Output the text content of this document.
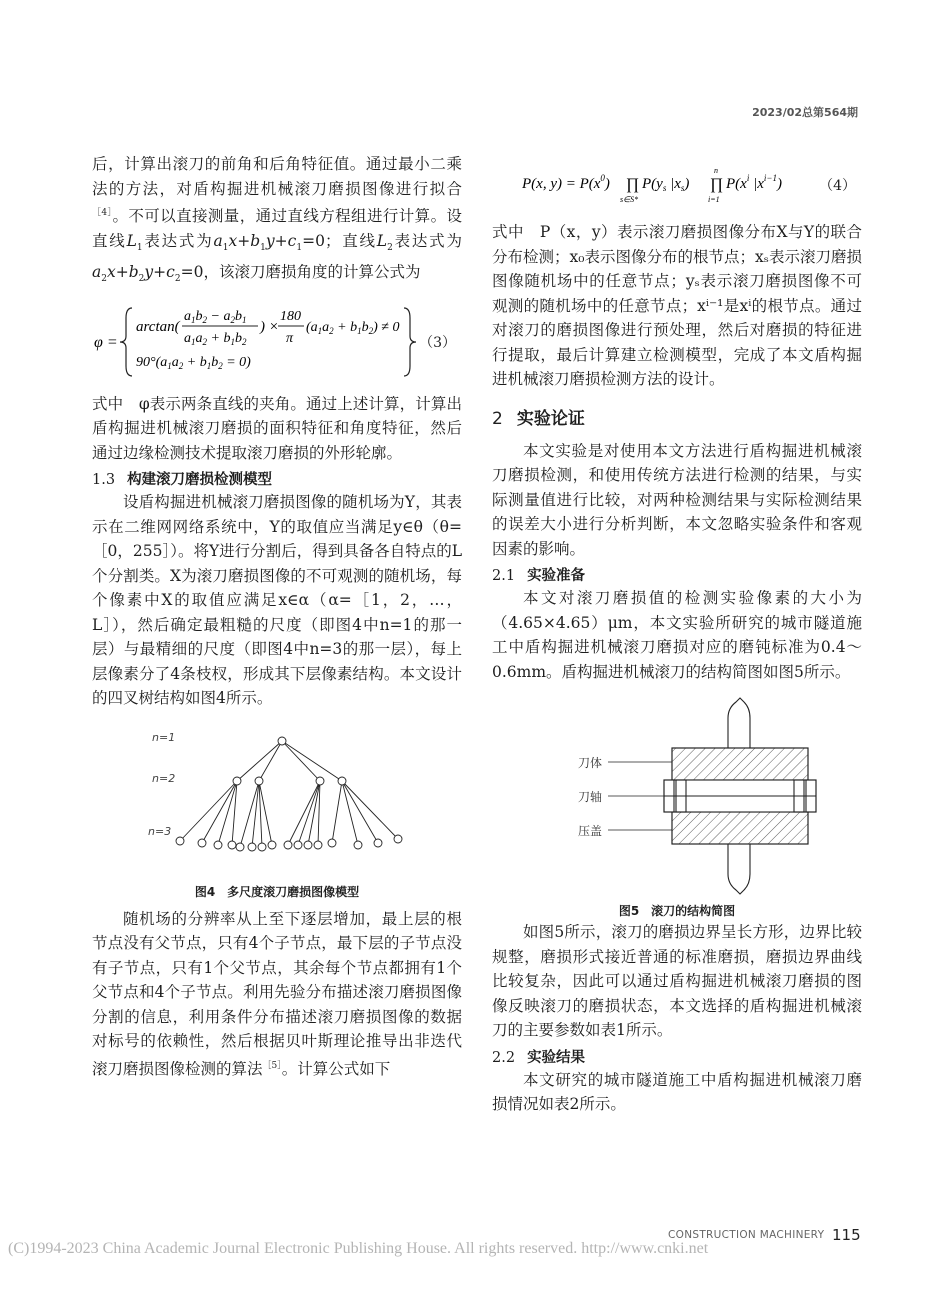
2023/02总第564期

后，计算出滚刀的前角和后角特征值。通过最小二乘法的方法，对盾构掘进机械滚刀磨损图像进行拟合$^{[4]}$。不可以直接测量，通过直线方程组进行计算。设直线$L_1$表达式为$a_1x+b_1y+c_1=0$；直线$L_2$表达式为$a_2x+b_2y+c_2=0$，该滚刀磨损角度的计算公式为

φ =
arctan(
$a_1b_2 - a_2b_1$
$a_1a_2 + b_1b_2$
) ×
180
π
$(a_1a_2 + b_1b_2) \ne 0$
$90^\circ(a_1a_2 + b_1b_2 = 0)$
（3）

式中　φ表示两条直线的夹角。通过上述计算，计算出盾构掘进机械滚刀磨损的面积特征和角度特征，然后通过边缘检测技术提取滚刀磨损的外形轮廓。

1.3 构建滚刀磨损检测模型

设盾构掘进机械滚刀磨损图像的随机场为Y，其表示在二维网网络系统中，Y的取值应当满足y∈θ（θ=［0，255］）。将Y进行分割后，得到具备各自特点的L个分割类。X为滚刀磨损图像的不可观测的随机场，每个像素中X的取值应满足x∈α（α=［1，2，…，L］），然后确定最粗糙的尺度（即图4中n=1的那一层）与最精细的尺度（即图4中n=3的那一层），每上层像素分了4条枝杈，形成其下层像素结构。本文设计的四叉树结构如图4所示。

n=1
n=2
n=3
图4　多尺度滚刀磨损图像模型

随机场的分辨率从上至下逐层增加，最上层的根节点没有父节点，只有4个子节点，最下层的子节点没有子节点，只有1个父节点，其余每个节点都拥有1个父节点和4个子节点。利用先验分布描述滚刀磨损图像分割的信息，利用条件分布描述滚刀磨损图像的数据对标号的依赖性，然后根据贝叶斯理论推导出非迭代滚刀磨损图像检测的算法$^{[5]}$。计算公式如下

P(x, $y) = P(x^0)$ ∏
s∈S*
$P(y_s$ $|x_s$) ∏
n
i=1
$P(x^i$ $|x^{i-1}$)	（4）

式中　P（x，y）表示滚刀磨损图像分布X与Y的联合分布检测；x₀表示图像分布的根节点；xₛ表示滚刀磨损图像随机场中的任意节点；yₛ表示滚刀磨损图像不可观测的随机场中的任意节点；xⁱ⁻¹是xⁱ的根节点。通过对滚刀的磨损图像进行预处理，然后对磨损的特征进行提取，最后计算建立检测模型，完成了本文盾构掘进机械滚刀磨损检测方法的设计。

2 实验论证

本文实验是对使用本文方法进行盾构掘进机械滚刀磨损检测，和使用传统方法进行检测的结果，与实际测量值进行比较，对两种检测结果与实际检测结果的误差大小进行分析判断，本文忽略实验条件和客观因素的影响。

2.1 实验准备

本文对滚刀磨损值的检测实验像素的大小为（4.65×4.65）μm，本文实验所研究的城市隧道施工中盾构掘进机械滚刀磨损对应的磨钝标准为0.4～0.6mm。盾构掘进机械滚刀的结构简图如图5所示。

刀体
刀轴
压盖
图5　滚刀的结构简图

如图5所示，滚刀的磨损边界呈长方形，边界比较规整，磨损形式接近普通的标准磨损，磨损边界曲线比较复杂，因此可以通过盾构掘进机械滚刀磨损的图像反映滚刀的磨损状态，本文选择的盾构掘进机械滚刀的主要参数如表1所示。

2.2 实验结果

本文研究的城市隧道施工中盾构掘进机械滚刀磨损情况如表2所示。

CONSTRUCTION MACHINERY 115
(C)1994-2023 China Academic Journal Electronic Publishing House. All rights reserved. http://www.cnki.net
